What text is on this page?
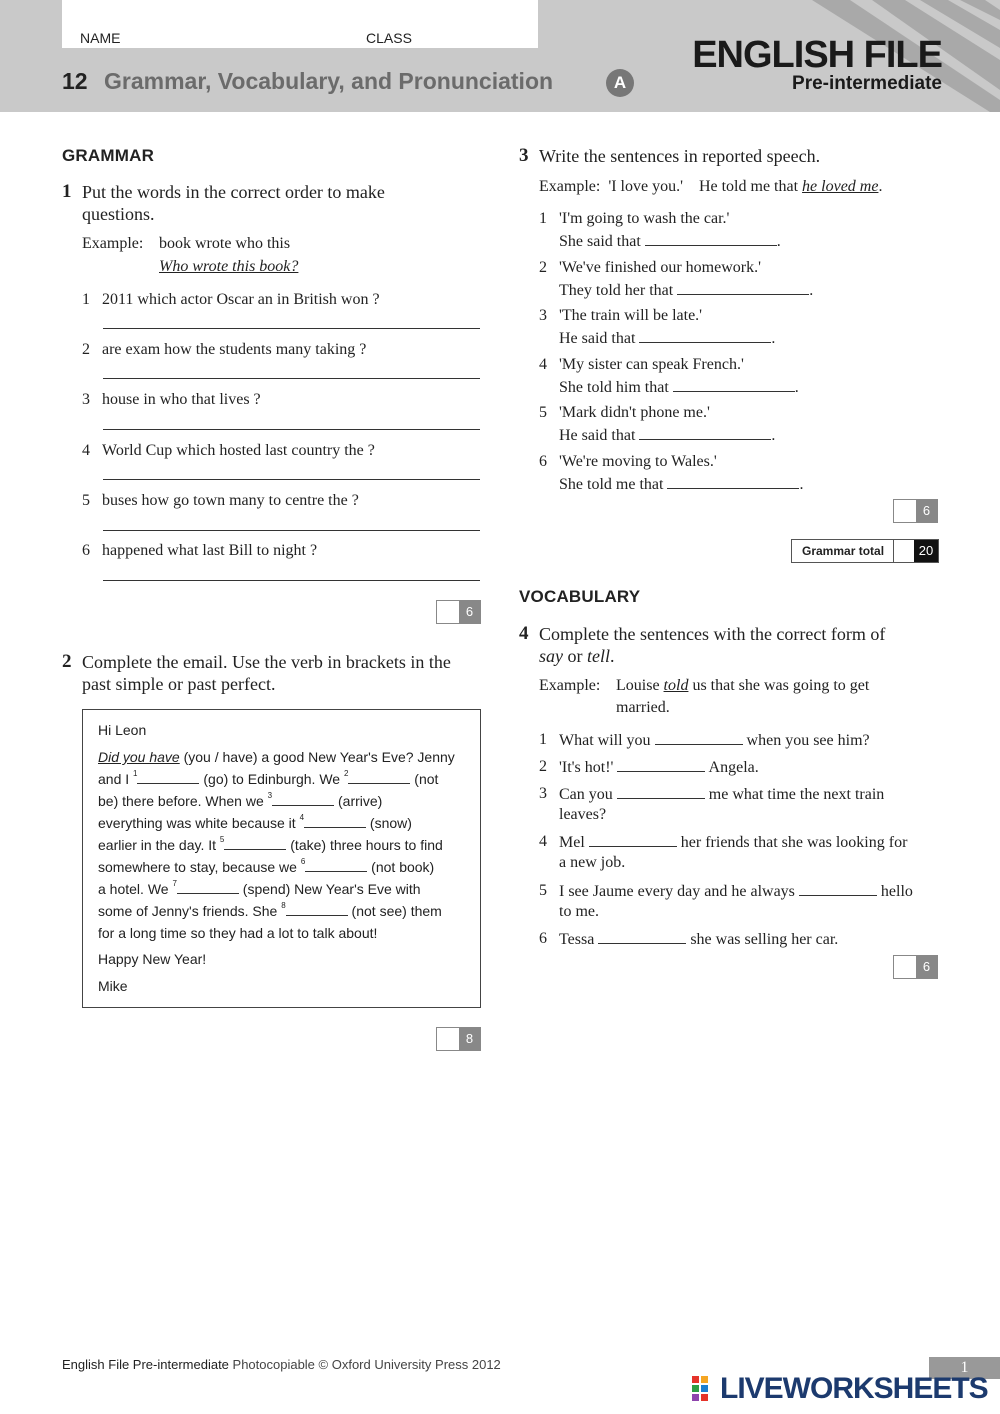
NAME	CLASS
12 Grammar, Vocabulary, and Pronunciation	A
ENGLISH FILE
Pre-intermediate
GRAMMAR
1 Put the words in the correct order to make
questions.
Example: book wrote who this
Who wrote this book?
1 2011 which actor Oscar an in British won ?
2 are exam how the students many taking ?
3 house in who that lives ?
4 World Cup which hosted last country the ?
5 buses how go town many to centre the ?
6 happened what last Bill to night ?
6
2 Complete the email. Use the verb in brackets in the
past simple or past perfect.
Hi Leon
Did you have (you / have) a good New Year's Eve? Jenny
and I $^1$	(go) to Edinburgh. We $^2$	(not
be) there before. When we $^3$	(arrive)
everything was white because it $^4$	(snow)
earlier in the day. It $^5$	(take) three hours to find
somewhere to stay, because we $^6$	(not book)
a hotel. We $^7$	(spend) New Year's Eve with
some of Jenny's friends. She $^8$	(not see) them
for a long time so they had a lot to talk about!
Happy New Year!
Mike
8
3 Write the sentences in reported speech.
Example: 'I love you.' He told me that he loved me.
1 'I'm going to wash the car.'
She said that	.
2 'We've finished our homework.'
They told her that	.
3 'The train will be late.'
He said that	.
4 'My sister can speak French.'
She told him that	.
5 'Mark didn't phone me.'
He said that	.
6 'We're moving to Wales.'
She told me that	.
6
Grammar total	20
VOCABULARY
4 Complete the sentences with the correct form of
say or tell.
Example: Louise told us that she was going to get
married.
1 What will you	when you see him?
2 'It's hot!'	Angela.
3 Can you	me what time the next train
leaves?
4 Mel	her friends that she was looking for
a new job.
5 I see Jaume every day and he always	hello
to me.
6 Tessa	she was selling her car.
6
English File Pre-intermediate Photocopiable © Oxford University Press 2012	1
LIVEWORKSHEETS
